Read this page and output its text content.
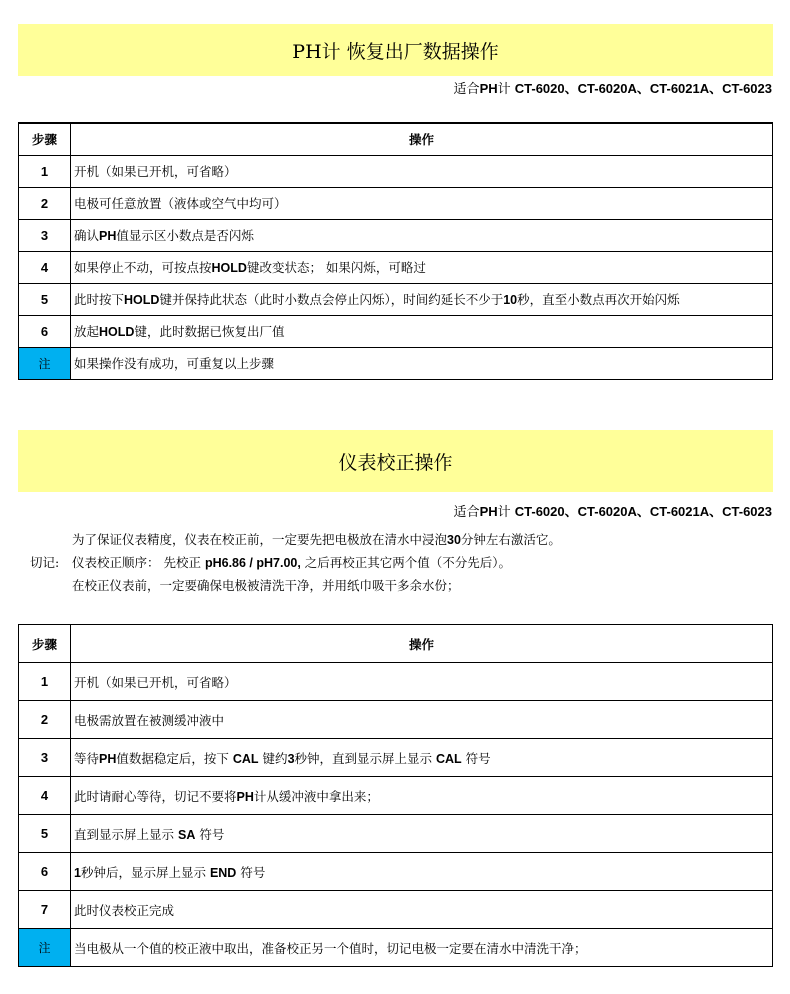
PH计 恢复出厂数据操作
适合PH计 CT-6020、CT-6020A、CT-6021A、CT-6023
步骤	操作
1	开机（如果已开机，可省略）
2	电极可任意放置（液体或空气中均可）
3	确认PH值显示区小数点是否闪烁
4	如果停止不动，可按点按HOLD键改变状态； 如果闪烁，可略过
5	此时按下HOLD键并保持此状态（此时小数点会停止闪烁），时间约延长不少于10秒，直至小数点再次开始闪烁
6	放起HOLD键，此时数据已恢复出厂值
注	如果操作没有成功，可重复以上步骤
仪表校正操作
适合PH计 CT-6020、CT-6020A、CT-6021A、CT-6023
为了保证仪表精度，仪表在校正前，一定要先把电极放在清水中浸泡30分钟左右激活它。
切记:	仪表校正顺序： 先校正 pH6.86 / pH7.00, 之后再校正其它两个值（不分先后）。
在校正仪表前，一定要确保电极被清洗干净，并用纸巾吸干多余水份；
步骤	操作
1	开机（如果已开机，可省略）
2	电极需放置在被测缓冲液中
3	等待PH值数据稳定后，按下 CAL 键约3秒钟，直到显示屏上显示 CAL 符号
4	此时请耐心等待，切记不要将PH计从缓冲液中拿出来；
5	直到显示屏上显示 SA 符号
6	1秒钟后，显示屏上显示 END 符号
7	此时仪表校正完成
注	当电极从一个值的校正液中取出，准备校正另一个值时，切记电极一定要在清水中清洗干净；
